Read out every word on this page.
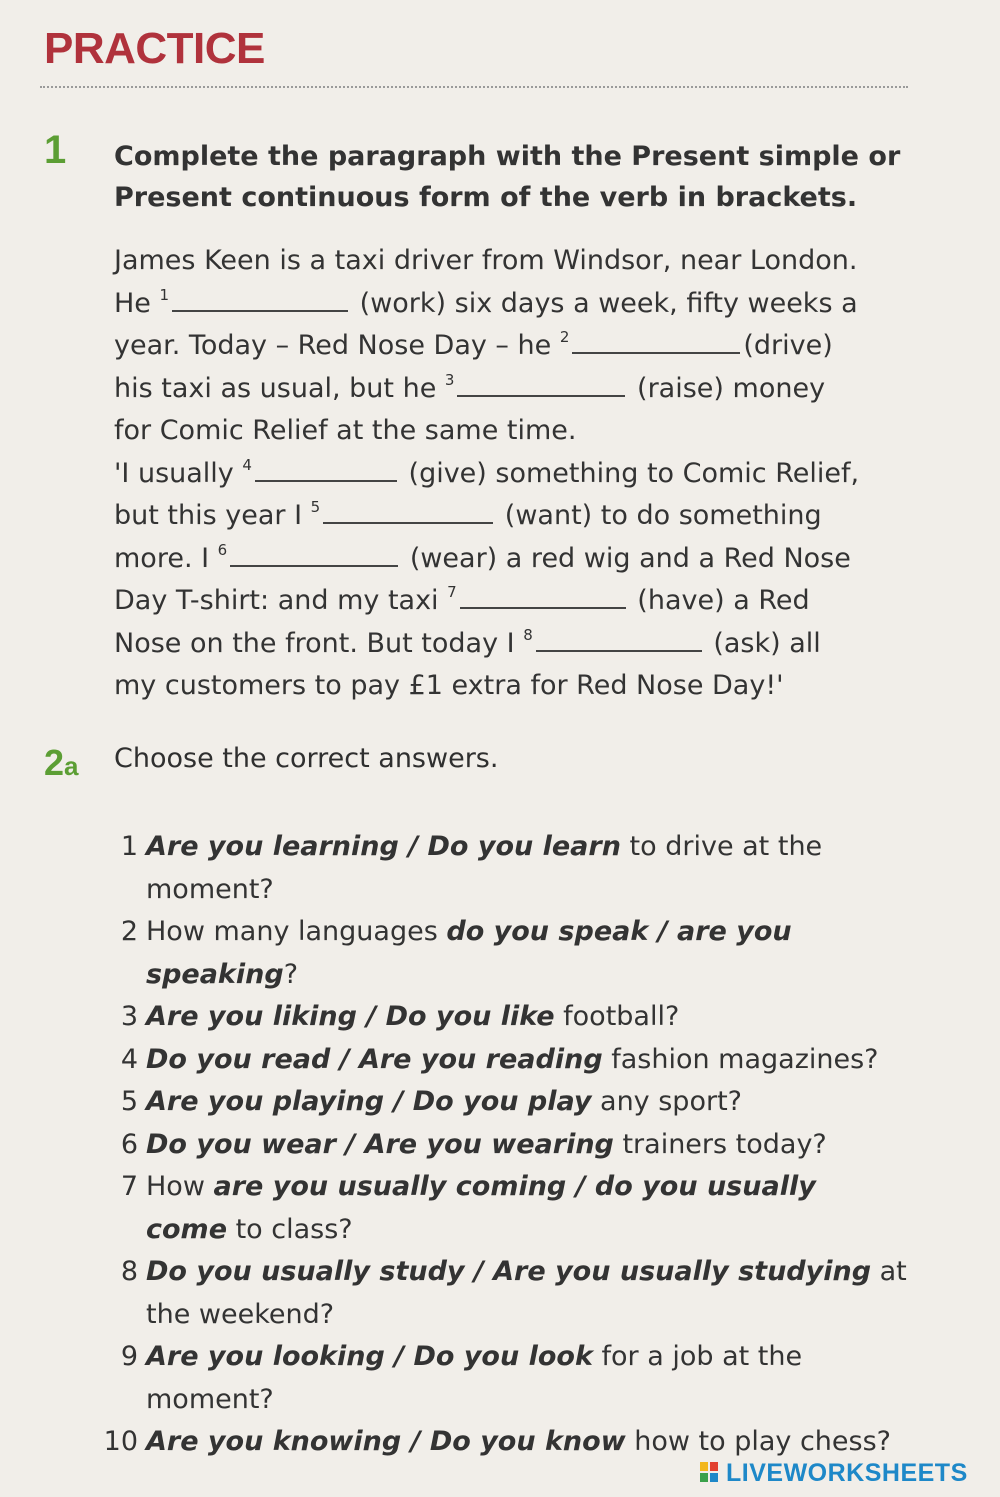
PRACTICE
1 Complete the paragraph with the Present simple or
Present continuous form of the verb in brackets.
James Keen is a taxi driver from Windsor, near London.
He $^1$	(work) six days a week, fifty weeks a
year. Today – Red Nose Day – he $^2$	(drive)
his taxi as usual, but he $^3$	(raise) money
for Comic Relief at the same time.
'I usually $^4$	(give) something to Comic Relief,
but this year I $^5$	(want) to do something
more. I $^6$	(wear) a red wig and a Red Nose
Day T-shirt: and my taxi $^7$	(have) a Red
Nose on the front. But today I $^8$	(ask) all
my customers to pay £1 extra for Red Nose Day!'
2a Choose the correct answers.
1 Are you learning / Do you learn to drive at the
moment?
2 How many languages do you speak / are you
speaking?
3 Are you liking / Do you like football?
4 Do you read / Are you reading fashion magazines?
5 Are you playing / Do you play any sport?
6 Do you wear / Are you wearing trainers today?
7 How are you usually coming / do you usually
come to class?
8 Do you usually study / Are you usually studying at
the weekend?
9 Are you looking / Do you look for a job at the
moment?
10 Are you knowing / Do you know how to play chess?
LIVEWORKSHEETS
